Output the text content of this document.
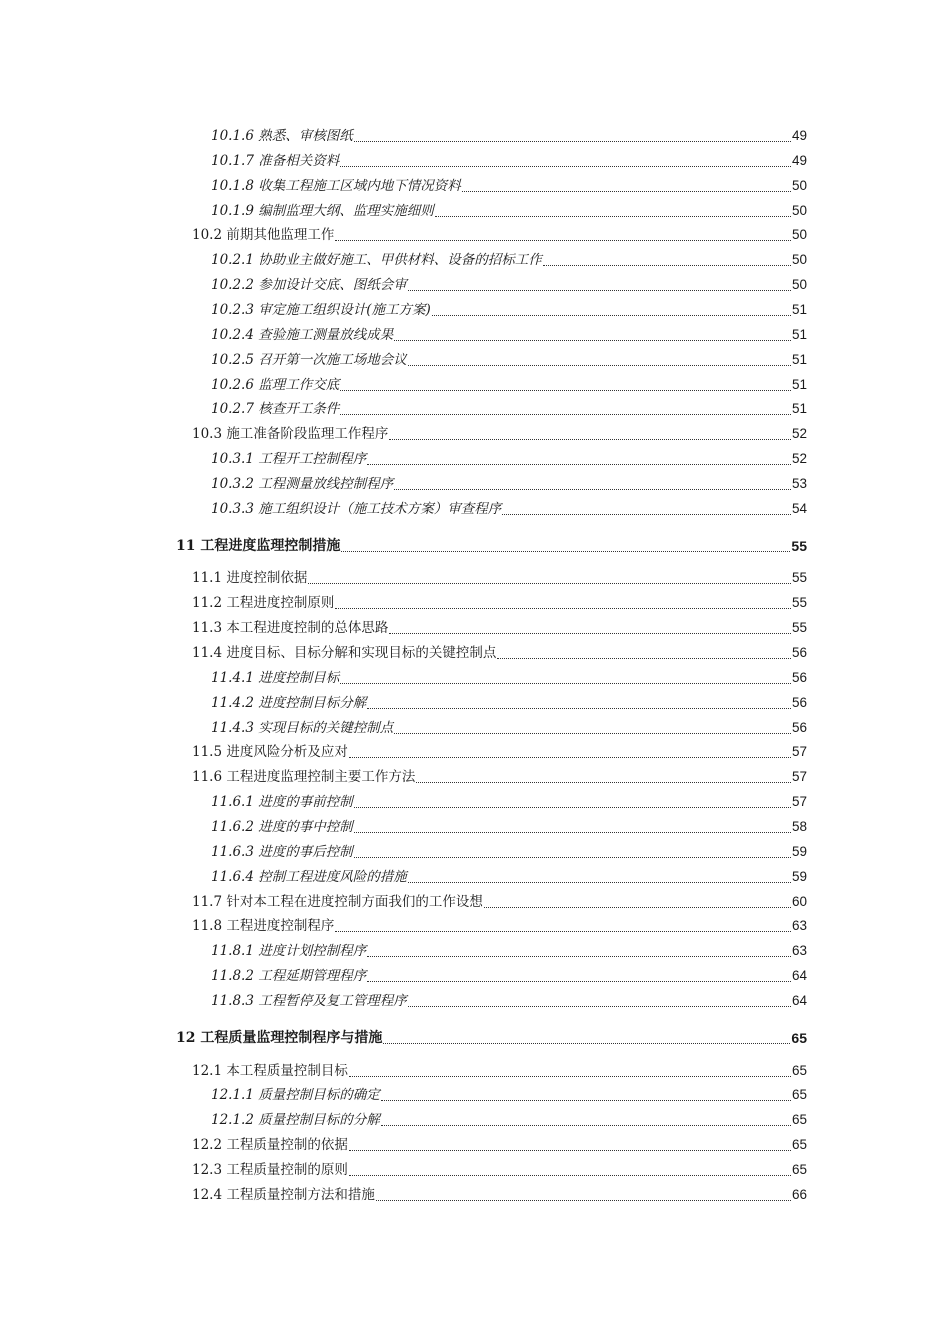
10.1.6 熟悉、审核图纸	49
10.1.7 准备相关资料	49
10.1.8 收集工程施工区域内地下情况资料	50
10.1.9 编制监理大纲、监理实施细则	50
10.2 前期其他监理工作	50
10.2.1 协助业主做好施工、甲供材料、设备的招标工作	50
10.2.2 参加设计交底、图纸会审	50
10.2.3 审定施工组织设计(施工方案)	51
10.2.4 查验施工测量放线成果	51
10.2.5 召开第一次施工场地会议	51
10.2.6 监理工作交底	51
10.2.7 核查开工条件	51
10.3 施工准备阶段监理工作程序	52
10.3.1 工程开工控制程序	52
10.3.2 工程测量放线控制程序	53
10.3.3 施工组织设计（施工技术方案）审查程序	54
11 工程进度监理控制措施	55
11.1 进度控制依据	55
11.2 工程进度控制原则	55
11.3 本工程进度控制的总体思路	55
11.4 进度目标、目标分解和实现目标的关键控制点	56
11.4.1 进度控制目标	56
11.4.2 进度控制目标分解	56
11.4.3 实现目标的关键控制点	56
11.5 进度风险分析及应对	57
11.6 工程进度监理控制主要工作方法	57
11.6.1 进度的事前控制	57
11.6.2 进度的事中控制	58
11.6.3 进度的事后控制	59
11.6.4 控制工程进度风险的措施	59
11.7 针对本工程在进度控制方面我们的工作设想	60
11.8 工程进度控制程序	63
11.8.1 进度计划控制程序	63
11.8.2 工程延期管理程序	64
11.8.3 工程暂停及复工管理程序	64
12 工程质量监理控制程序与措施	65
12.1 本工程质量控制目标	65
12.1.1 质量控制目标的确定	65
12.1.2 质量控制目标的分解	65
12.2 工程质量控制的依据	65
12.3 工程质量控制的原则	65
12.4 工程质量控制方法和措施	66
